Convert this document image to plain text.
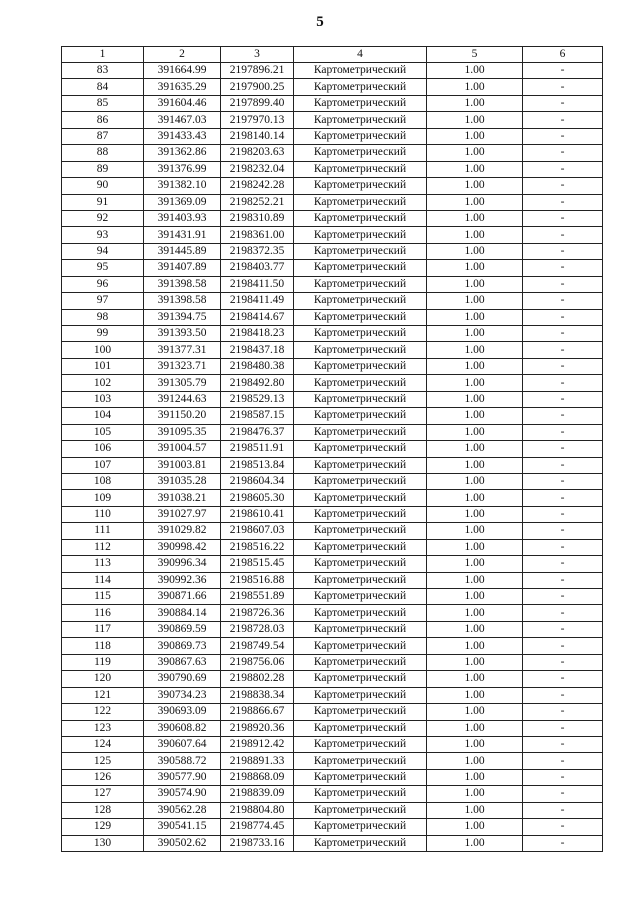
5
1	2	3	4	5	6
83	391664.99	2197896.21	Картометрический	1.00	-
84	391635.29	2197900.25	Картометрический	1.00	-
85	391604.46	2197899.40	Картометрический	1.00	-
86	391467.03	2197970.13	Картометрический	1.00	-
87	391433.43	2198140.14	Картометрический	1.00	-
88	391362.86	2198203.63	Картометрический	1.00	-
89	391376.99	2198232.04	Картометрический	1.00	-
90	391382.10	2198242.28	Картометрический	1.00	-
91	391369.09	2198252.21	Картометрический	1.00	-
92	391403.93	2198310.89	Картометрический	1.00	-
93	391431.91	2198361.00	Картометрический	1.00	-
94	391445.89	2198372.35	Картометрический	1.00	-
95	391407.89	2198403.77	Картометрический	1.00	-
96	391398.58	2198411.50	Картометрический	1.00	-
97	391398.58	2198411.49	Картометрический	1.00	-
98	391394.75	2198414.67	Картометрический	1.00	-
99	391393.50	2198418.23	Картометрический	1.00	-
100	391377.31	2198437.18	Картометрический	1.00	-
101	391323.71	2198480.38	Картометрический	1.00	-
102	391305.79	2198492.80	Картометрический	1.00	-
103	391244.63	2198529.13	Картометрический	1.00	-
104	391150.20	2198587.15	Картометрический	1.00	-
105	391095.35	2198476.37	Картометрический	1.00	-
106	391004.57	2198511.91	Картометрический	1.00	-
107	391003.81	2198513.84	Картометрический	1.00	-
108	391035.28	2198604.34	Картометрический	1.00	-
109	391038.21	2198605.30	Картометрический	1.00	-
110	391027.97	2198610.41	Картометрический	1.00	-
111	391029.82	2198607.03	Картометрический	1.00	-
112	390998.42	2198516.22	Картометрический	1.00	-
113	390996.34	2198515.45	Картометрический	1.00	-
114	390992.36	2198516.88	Картометрический	1.00	-
115	390871.66	2198551.89	Картометрический	1.00	-
116	390884.14	2198726.36	Картометрический	1.00	-
117	390869.59	2198728.03	Картометрический	1.00	-
118	390869.73	2198749.54	Картометрический	1.00	-
119	390867.63	2198756.06	Картометрический	1.00	-
120	390790.69	2198802.28	Картометрический	1.00	-
121	390734.23	2198838.34	Картометрический	1.00	-
122	390693.09	2198866.67	Картометрический	1.00	-
123	390608.82	2198920.36	Картометрический	1.00	-
124	390607.64	2198912.42	Картометрический	1.00	-
125	390588.72	2198891.33	Картометрический	1.00	-
126	390577.90	2198868.09	Картометрический	1.00	-
127	390574.90	2198839.09	Картометрический	1.00	-
128	390562.28	2198804.80	Картометрический	1.00	-
129	390541.15	2198774.45	Картометрический	1.00	-
130	390502.62	2198733.16	Картометрический	1.00	-
